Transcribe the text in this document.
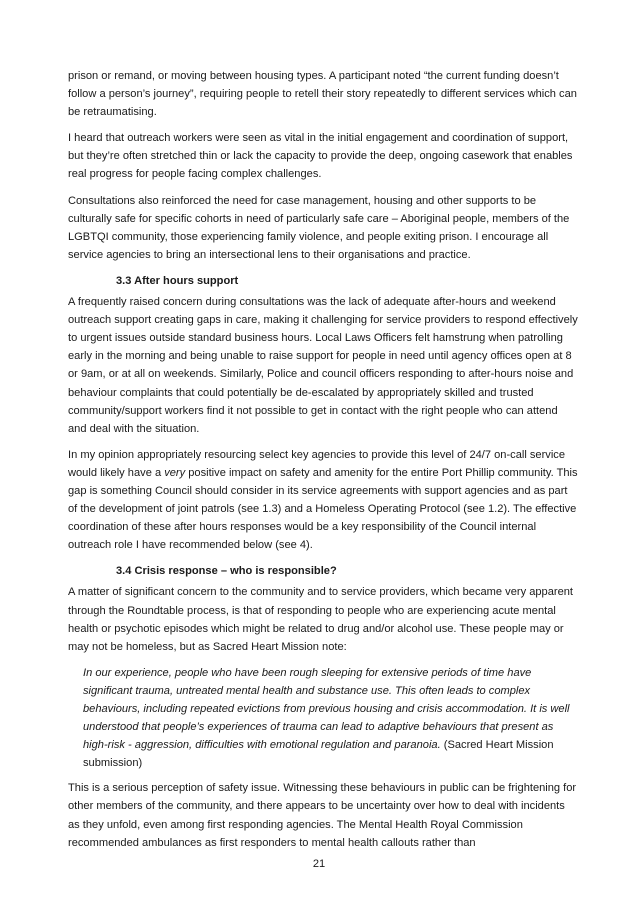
prison or remand, or moving between housing types. A participant noted “the current funding doesn’t follow a person’s journey”, requiring people to retell their story repeatedly to different services which can be retraumatising.

I heard that outreach workers were seen as vital in the initial engagement and coordination of support, but they’re often stretched thin or lack the capacity to provide the deep, ongoing casework that enables real progress for people facing complex challenges.

Consultations also reinforced the need for case management, housing and other supports to be culturally safe for specific cohorts in need of particularly safe care – Aboriginal people, members of the LGBTQI community, those experiencing family violence, and people exiting prison. I encourage all service agencies to bring an intersectional lens to their organisations and practice.

3.3 After hours support

A frequently raised concern during consultations was the lack of adequate after-hours and weekend outreach support creating gaps in care, making it challenging for service providers to respond effectively to urgent issues outside standard business hours. Local Laws Officers felt hamstrung when patrolling early in the morning and being unable to raise support for people in need until agency offices open at 8 or 9am, or at all on weekends. Similarly, Police and council officers responding to after-hours noise and behaviour complaints that could potentially be de-escalated by appropriately skilled and trusted community/support workers find it not possible to get in contact with the right people who can attend and deal with the situation.

In my opinion appropriately resourcing select key agencies to provide this level of 24/7 on-call service would likely have a very positive impact on safety and amenity for the entire Port Phillip community. This gap is something Council should consider in its service agreements with support agencies and as part of the development of joint patrols (see 1.3) and a Homeless Operating Protocol (see 1.2). The effective coordination of these after hours responses would be a key responsibility of the Council internal outreach role I have recommended below (see 4).

3.4 Crisis response – who is responsible?

A matter of significant concern to the community and to service providers, which became very apparent through the Roundtable process, is that of responding to people who are experiencing acute mental health or psychotic episodes which might be related to drug and/or alcohol use. These people may or may not be homeless, but as Sacred Heart Mission note:

In our experience, people who have been rough sleeping for extensive periods of time have significant trauma, untreated mental health and substance use. This often leads to complex behaviours, including repeated evictions from previous housing and crisis accommodation. It is well understood that people’s experiences of trauma can lead to adaptive behaviours that present as high-risk - aggression, difficulties with emotional regulation and paranoia. (Sacred Heart Mission submission)

This is a serious perception of safety issue. Witnessing these behaviours in public can be frightening for other members of the community, and there appears to be uncertainty over how to deal with incidents as they unfold, even among first responding agencies. The Mental Health Royal Commission recommended ambulances as first responders to mental health callouts rather than

21
